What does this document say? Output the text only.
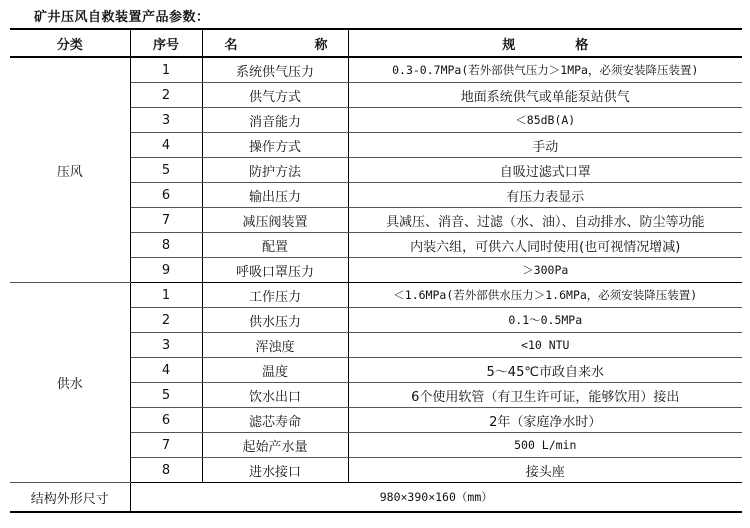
矿井压风自救装置产品参数：
分类	序号	名 称	规 格
压风	1	系统供气压力	0.3-0.7MPa(若外部供气压力＞1MPa，必须安装降压装置)
	2	供气方式	地面系统供气或单能泵站供气
	3	消音能力	＜85dB(A)
	4	操作方式	手动
	5	防护方法	自吸过滤式口罩
	6	输出压力	有压力表显示
	7	减压阀装置	具减压、消音、过滤（水、油）、自动排水、防尘等功能
	8	配置	内装六组，可供六人同时使用(也可视情况增减)
	9	呼吸口罩压力	＞300Pa
供水	1	工作压力	＜1.6MPa(若外部供水压力＞1.6MPa，必须安装降压装置)
	2	供水压力	0.1～0.5MPa
	3	浑浊度	<10 NTU
	4	温度	5～45℃市政自来水
	5	饮水出口	6个使用软管（有卫生许可证，能够饮用）接出
	6	滤芯寿命	2年（家庭净水时）
	7	起始产水量	500 L/min
	8	进水接口	接头座
结构外形尺寸	980×390×160（mm）		
